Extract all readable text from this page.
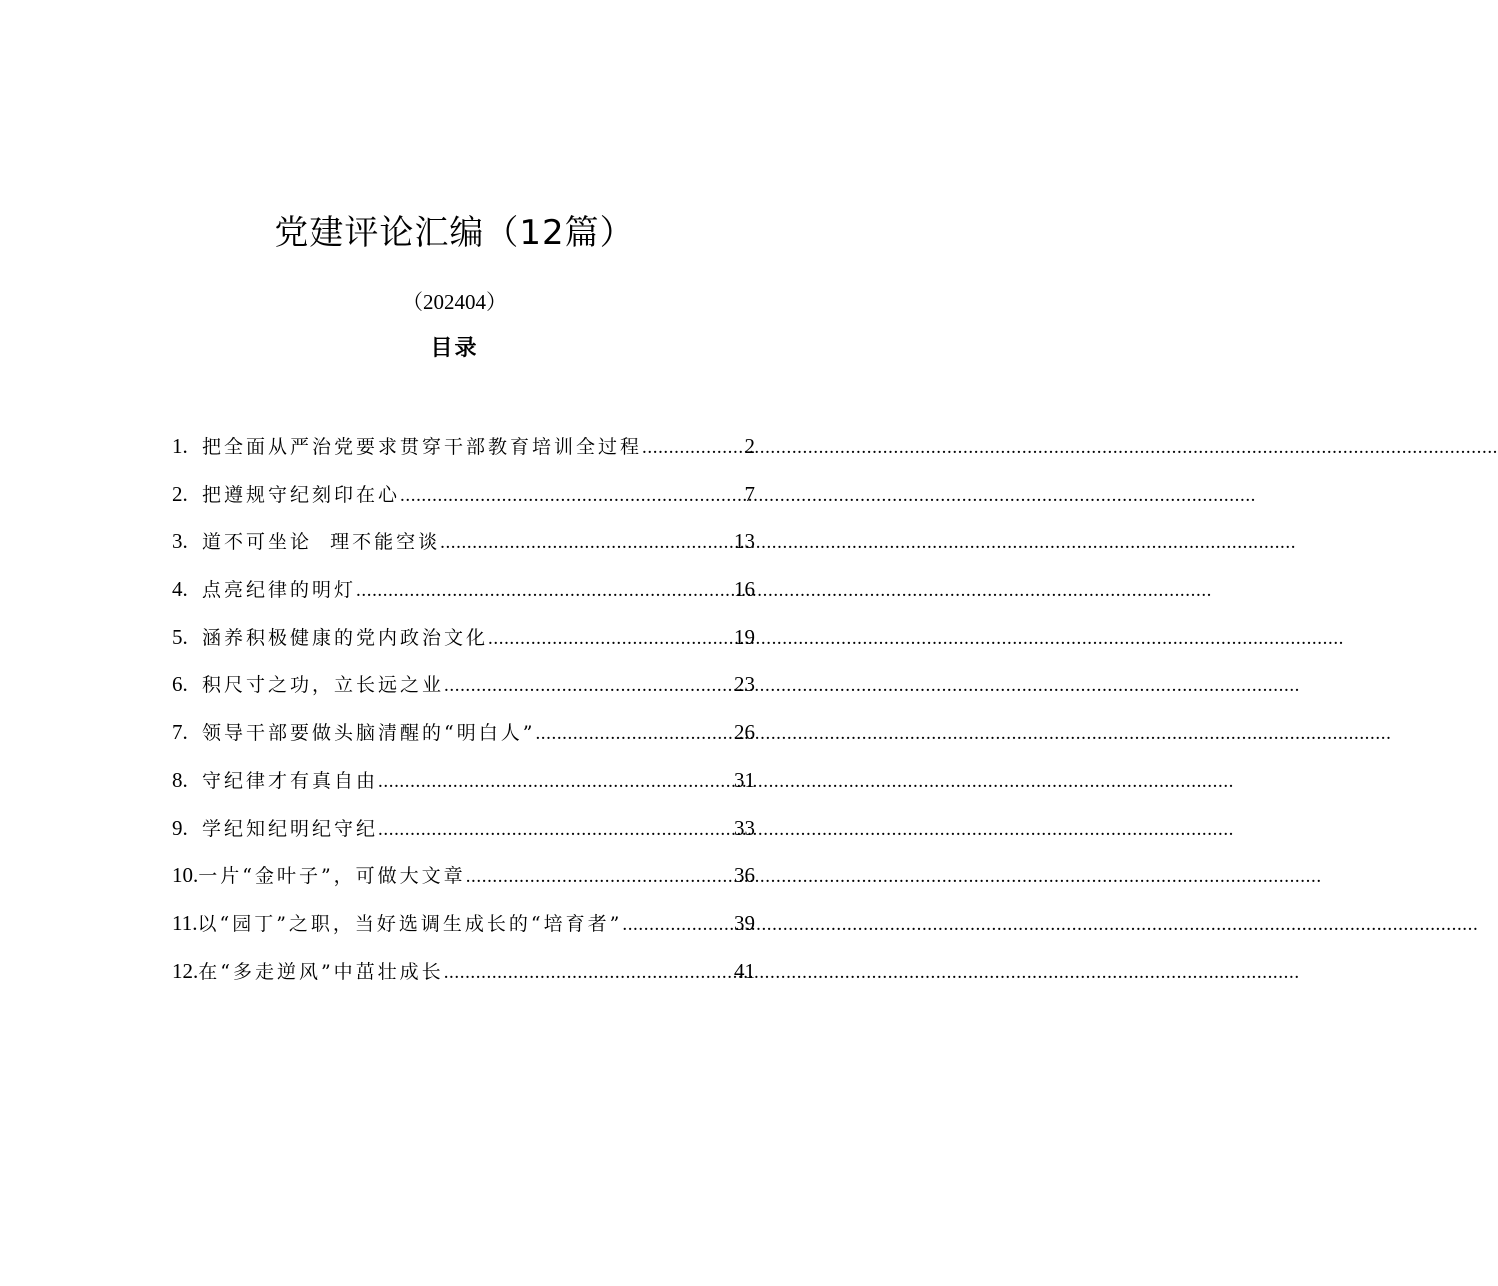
党建评论汇编（12篇）
（202404）
目录
1. 把全面从严治党要求贯穿干部教育培训全过程 .....	2
2. 把遵规守纪刻印在心 .....	7
3. 道不可坐论  理不能空谈 .....	13
4. 点亮纪律的明灯 .....	16
5. 涵养积极健康的党内政治文化 .....	19
6. 积尺寸之功，立长远之业 .....	23
7. 领导干部要做头脑清醒的“明白人” .....	26
8. 守纪律才有真自由 .....	31
9. 学纪知纪明纪守纪 .....	33
10. 一片“金叶子”，可做大文章 .....	36
11. 以“园丁”之职，当好选调生成长的“培育者” .....	39
12. 在“多走逆风”中茁壮成长 .....	41
